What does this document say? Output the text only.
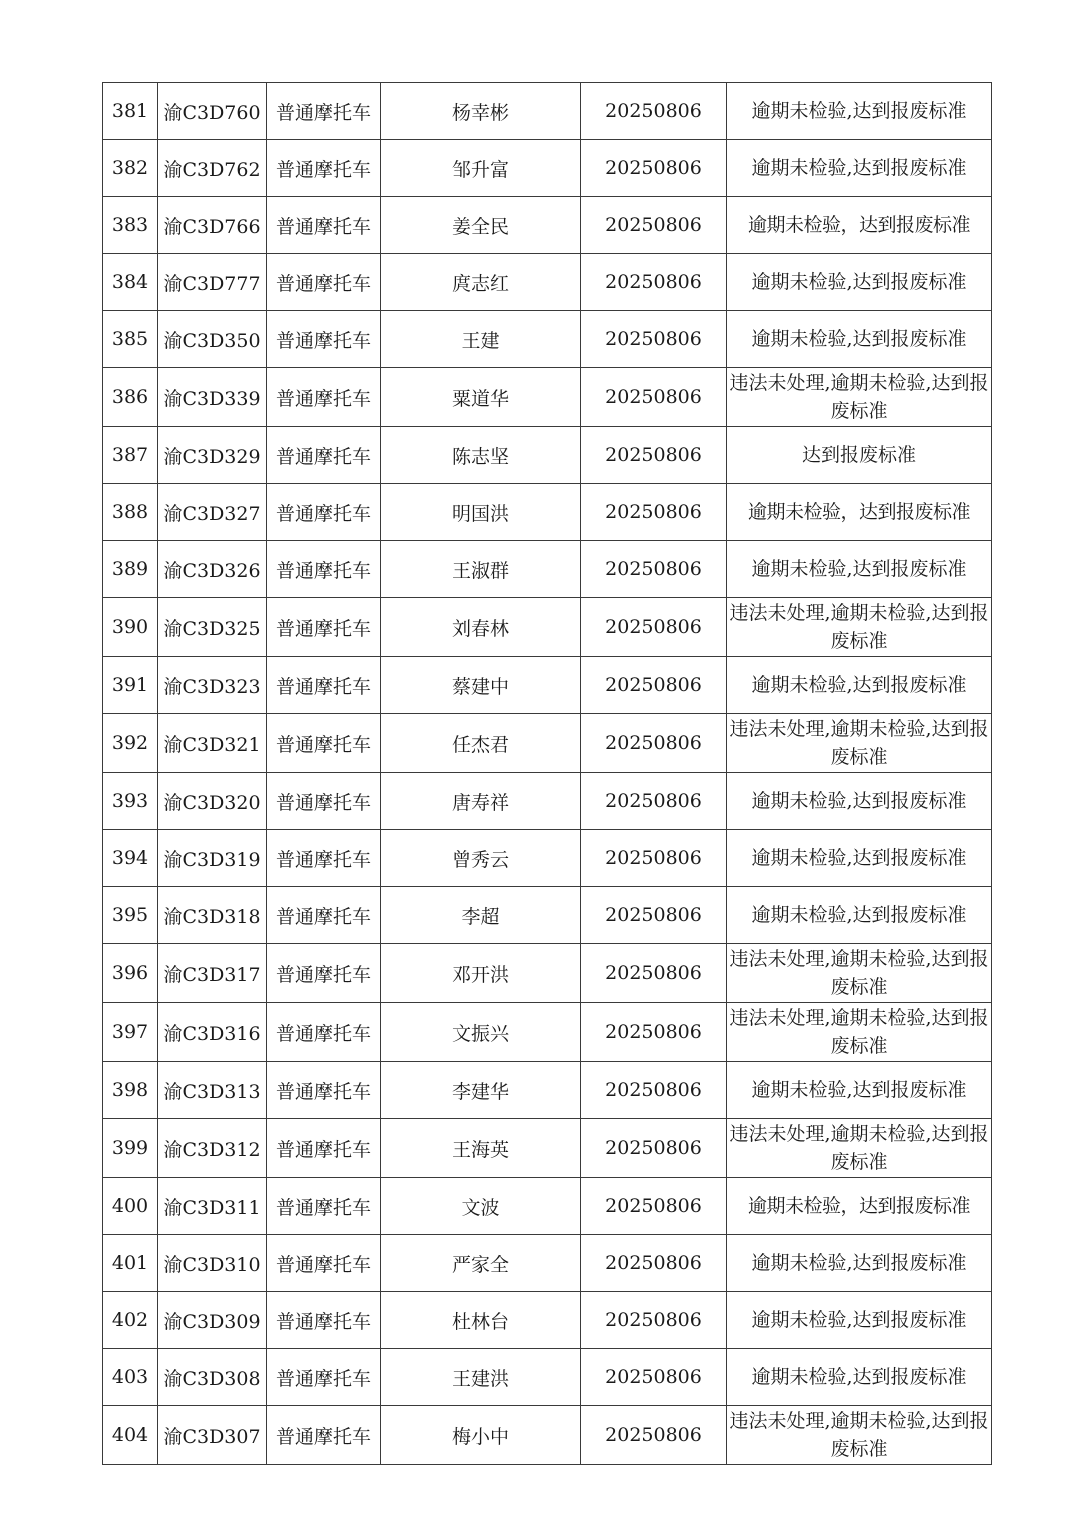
381	渝C3D760	普通摩托车	杨幸彬	20250806	逾期未检验,达到报废标准
382	渝C3D762	普通摩托车	邹升富	20250806	逾期未检验,达到报废标准
383	渝C3D766	普通摩托车	姜全民	20250806	逾期未检验，达到报废标准
384	渝C3D777	普通摩托车	庹志红	20250806	逾期未检验,达到报废标准
385	渝C3D350	普通摩托车	王建	20250806	逾期未检验,达到报废标准
386	渝C3D339	普通摩托车	粟道华	20250806	违法未处理,逾期未检验,达到报废标准
387	渝C3D329	普通摩托车	陈志坚	20250806	达到报废标准
388	渝C3D327	普通摩托车	明国洪	20250806	逾期未检验，达到报废标准
389	渝C3D326	普通摩托车	王淑群	20250806	逾期未检验,达到报废标准
390	渝C3D325	普通摩托车	刘春林	20250806	违法未处理,逾期未检验,达到报废标准
391	渝C3D323	普通摩托车	蔡建中	20250806	逾期未检验,达到报废标准
392	渝C3D321	普通摩托车	任杰君	20250806	违法未处理,逾期未检验,达到报废标准
393	渝C3D320	普通摩托车	唐寿祥	20250806	逾期未检验,达到报废标准
394	渝C3D319	普通摩托车	曾秀云	20250806	逾期未检验,达到报废标准
395	渝C3D318	普通摩托车	李超	20250806	逾期未检验,达到报废标准
396	渝C3D317	普通摩托车	邓开洪	20250806	违法未处理,逾期未检验,达到报废标准
397	渝C3D316	普通摩托车	文振兴	20250806	违法未处理,逾期未检验,达到报废标准
398	渝C3D313	普通摩托车	李建华	20250806	逾期未检验,达到报废标准
399	渝C3D312	普通摩托车	王海英	20250806	违法未处理,逾期未检验,达到报废标准
400	渝C3D311	普通摩托车	文波	20250806	逾期未检验，达到报废标准
401	渝C3D310	普通摩托车	严家全	20250806	逾期未检验,达到报废标准
402	渝C3D309	普通摩托车	杜林台	20250806	逾期未检验,达到报废标准
403	渝C3D308	普通摩托车	王建洪	20250806	逾期未检验,达到报废标准
404	渝C3D307	普通摩托车	梅小中	20250806	违法未处理,逾期未检验,达到报废标准
